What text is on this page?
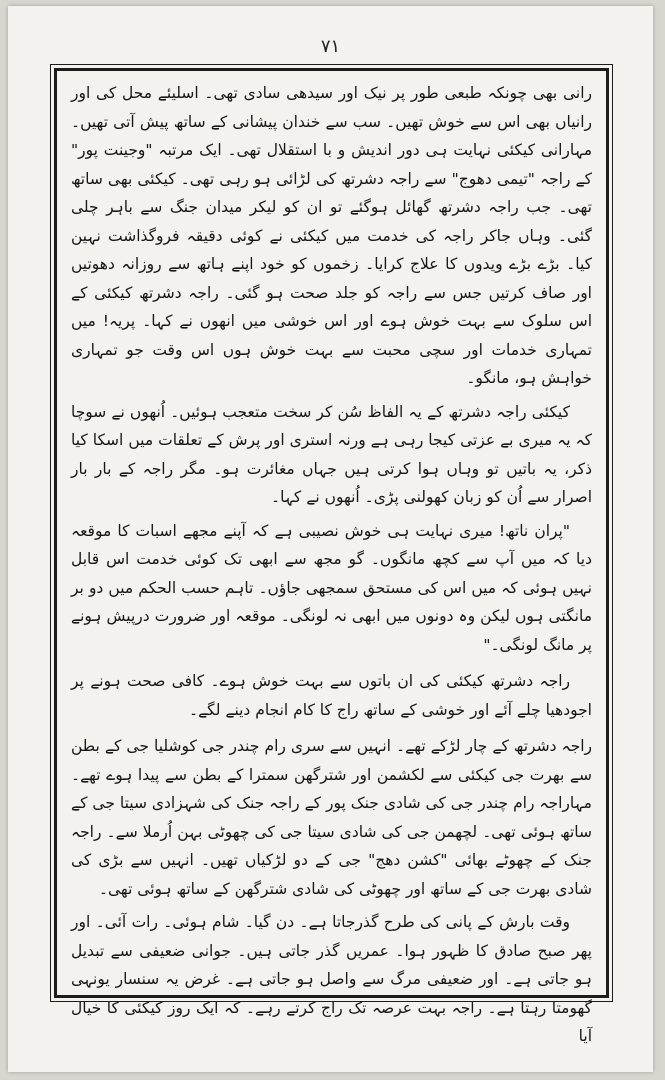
۷۱

رانی بھی چونکہ طبعی طور پر نیک اور سیدھی سادی تھی۔ اسلیئے محل کی اور رانیاں بھی اس سے خوش تھیں۔ سب سے خندان پیشانی کے ساتھ پیش آتی تھیں۔ مہارانی کیکئی نہایت ہی دور اندیش و با استقلال تھی۔ ایک مرتبہ "وجینت پور" کے راجہ "تیمی دھوج" سے راجہ دشرتھ کی لڑائی ہو رہی تھی۔ کیکئی بھی ساتھ تھی۔ جب راجہ دشرتھ گھائل ہوگئے تو ان کو لیکر میدان جنگ سے باہر چلی گئی۔ وہاں جاکر راجہ کی خدمت میں کیکئی نے کوئی دقیقہ فروگذاشت نہین کیا۔ بڑے بڑے ویدوں کا علاج کرایا۔ زخموں کو خود اپنے ہاتھ سے روزانہ دھوتیں اور صاف کرتیں جس سے راجہ کو جلد صحت ہو گئی۔ راجہ دشرتھ کیکئی کے اس سلوک سے بہت خوش ہوے اور اس خوشی میں انھوں نے کہا۔ پریہ! میں تمہاری خدمات اور سچی محبت سے بہت خوش ہوں اس وقت جو تمہاری خواہش ہو، مانگو۔

کیکئی راجہ دشرتھ کے یہ الفاظ سُن کر سخت متعجب ہوئیں۔ اُنھوں نے سوچا کہ یہ میری بے عزتی کیجا رہی ہے ورنہ استری اور پرش کے تعلقات میں اسکا کیا ذکر، یہ باتیں تو وہاں ہوا کرتی ہیں جہاں مغائرت ہو۔ مگر راجہ کے بار بار اصرار سے اُن کو زبان کھولنی پڑی۔ اُنھوں نے کہا۔

"پران ناتھ! میری نہایت ہی خوش نصیبی ہے کہ آپنے مجھے اسبات کا موقعہ دیا کہ میں آپ سے کچھ مانگوں۔ گو مجھ سے ابھی تک کوئی خدمت اس قابل نہیں ہوئی کہ میں اس کی مستحق سمجھی جاؤں۔ تاہم حسب الحکم میں دو بر مانگتی ہوں لیکن وہ دونوں میں ابھی نہ لونگی۔ موقعہ اور ضرورت درپیش ہونے پر مانگ لونگی۔"

راجہ دشرتھ کیکئی کی ان باتوں سے بہت خوش ہوے۔ کافی صحت ہونے پر اجودھیا چلے آئے اور خوشی کے ساتھ راج کا کام انجام دینے لگے۔

راجہ دشرتھ کے چار لڑکے تھے۔ انہیں سے سری رام چندر جی کوشلیا جی کے بطن سے بھرت جی کیکئی سے لکشمن اور شترگھن سمترا کے بطن سے پیدا ہوے تھے۔ مہاراجہ رام چندر جی کی شادی جنک پور کے راجہ جنک کی شہزادی سیتا جی کے ساتھ ہوئی تھی۔ لچھمن جی کی شادی سیتا جی کی چھوٹی بہن اُرملا سے۔ راجہ جنک کے چھوٹے بھائی "کشن دھج" جی کے دو لڑکیاں تھیں۔ انہیں سے بڑی کی شادی بھرت جی کے ساتھ اور چھوٹی کی شادی شترگھن کے ساتھ ہوئی تھی۔

وقت بارش کے پانی کی طرح گذرجاتا ہے۔ دن گیا۔ شام ہوئی۔ رات آئی۔ اور پھر صبح صادق کا ظہور ہوا۔ عمریں گذر جاتی ہیں۔ جوانی ضعیفی سے تبدیل ہو جاتی ہے۔ اور ضعیفی مرگ سے واصل ہو جاتی ہے۔ غرض یہ سنسار یونہی گھومتا رہتا ہے۔ راجہ بہت عرصہ تک راج کرتے رہے۔ کہ ایک روز کیکئی کا خیال آیا
